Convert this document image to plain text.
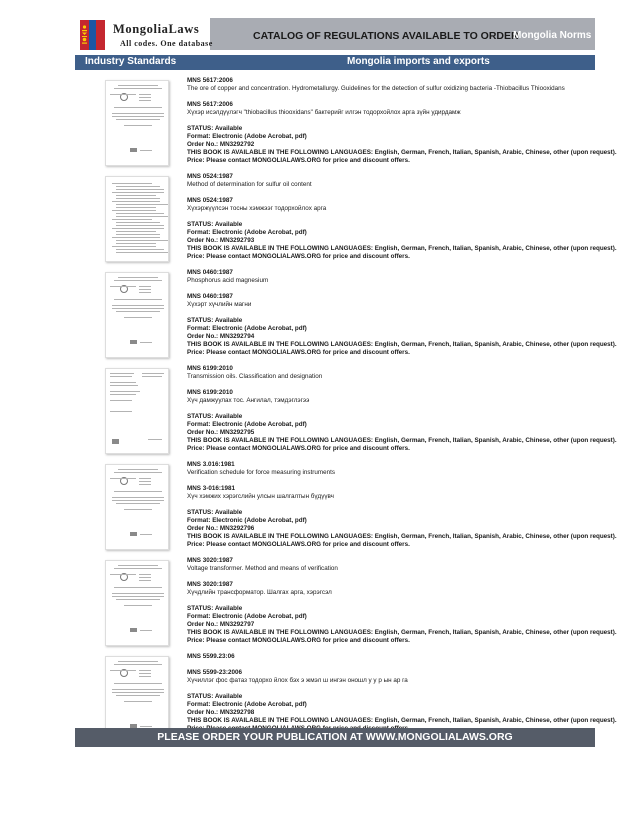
MongoliaLaws
All codes. One database
CATALOG OF REGULATIONS AVAILABLE TO ORDER
Mongolia Norms
Industry Standards	Mongolia imports and exports
MNS 5617:2006
The ore of copper and concentration. Hydrometallurgy. Guidelines for the detection of sulfur oxidizing bacteria -Thiobacillus Thiooxidans
MNS 5617:2006
Хүхэр исэлдүүлэгч "thiobacillus thiooxidans" бактерийг илгэн тодорхойлох арга зүйн удирдамж
STATUS: Available
Format: Electronic (Adobe Acrobat, pdf)
Order No.: MN3292792
THIS BOOK IS AVAILABLE IN THE FOLLOWING LANGUAGES: English, German, French, Italian, Spanish, Arabic, Chinese, other (upon request).
Price: Please contact MONGOLIALAWS.ORG for price and discount offers.
MNS 0524:1987
Method of determination for sulfur oil content
MNS 0524:1987
Хүхэржүүлсэн тосны хэмжээг тодорхойлох арга
STATUS: Available
Format: Electronic (Adobe Acrobat, pdf)
Order No.: MN3292793
THIS BOOK IS AVAILABLE IN THE FOLLOWING LANGUAGES: English, German, French, Italian, Spanish, Arabic, Chinese, other (upon request).
Price: Please contact MONGOLIALAWS.ORG for price and discount offers.
MNS 0460:1987
Phosphorus acid magnesium
MNS 0460:1987
Хүхэрт хүчлийн магни
STATUS: Available
Format: Electronic (Adobe Acrobat, pdf)
Order No.: MN3292794
THIS BOOK IS AVAILABLE IN THE FOLLOWING LANGUAGES: English, German, French, Italian, Spanish, Arabic, Chinese, other (upon request).
Price: Please contact MONGOLIALAWS.ORG for price and discount offers.
MNS 6199:2010
Transmission oils. Classification and designation
MNS 6199:2010
Хүч дамжуулах тос. Ангилал, тэмдэглэгээ
STATUS: Available
Format: Electronic (Adobe Acrobat, pdf)
Order No.: MN3292795
THIS BOOK IS AVAILABLE IN THE FOLLOWING LANGUAGES: English, German, French, Italian, Spanish, Arabic, Chinese, other (upon request).
Price: Please contact MONGOLIALAWS.ORG for price and discount offers.
MNS 3.016:1981
Verification schedule for force measuring instruments
MNS 3-016:1981
Хүч хэмжих хэрэгслийн улсын шалгалтын бүдүүвч
STATUS: Available
Format: Electronic (Adobe Acrobat, pdf)
Order No.: MN3292796
THIS BOOK IS AVAILABLE IN THE FOLLOWING LANGUAGES: English, German, French, Italian, Spanish, Arabic, Chinese, other (upon request).
Price: Please contact MONGOLIALAWS.ORG for price and discount offers.
MNS 3020:1987
Voltage transformer. Method and means of verification
MNS 3020:1987
Хүчдлийн трансформатор. Шалгах арга, хэрэгсэл
STATUS: Available
Format: Electronic (Adobe Acrobat, pdf)
Order No.: MN3292797
THIS BOOK IS AVAILABLE IN THE FOLLOWING LANGUAGES: English, German, French, Italian, Spanish, Arabic, Chinese, other (upon request).
Price: Please contact MONGOLIALAWS.ORG for price and discount offers.
MNS 5599.23:06
MNS 5599-23:2006
Хүчиллэг фос фатаз тодорхо йлох бэх э жмэл ш ингэн оношл у у р ын ар га
STATUS: Available
Format: Electronic (Adobe Acrobat, pdf)
Order No.: MN3292798
THIS BOOK IS AVAILABLE IN THE FOLLOWING LANGUAGES: English, German, French, Italian, Spanish, Arabic, Chinese, other (upon request).
PLEASE ORDER YOUR PUBLICATION AT WWW.MONGOLIALAWS.ORG
